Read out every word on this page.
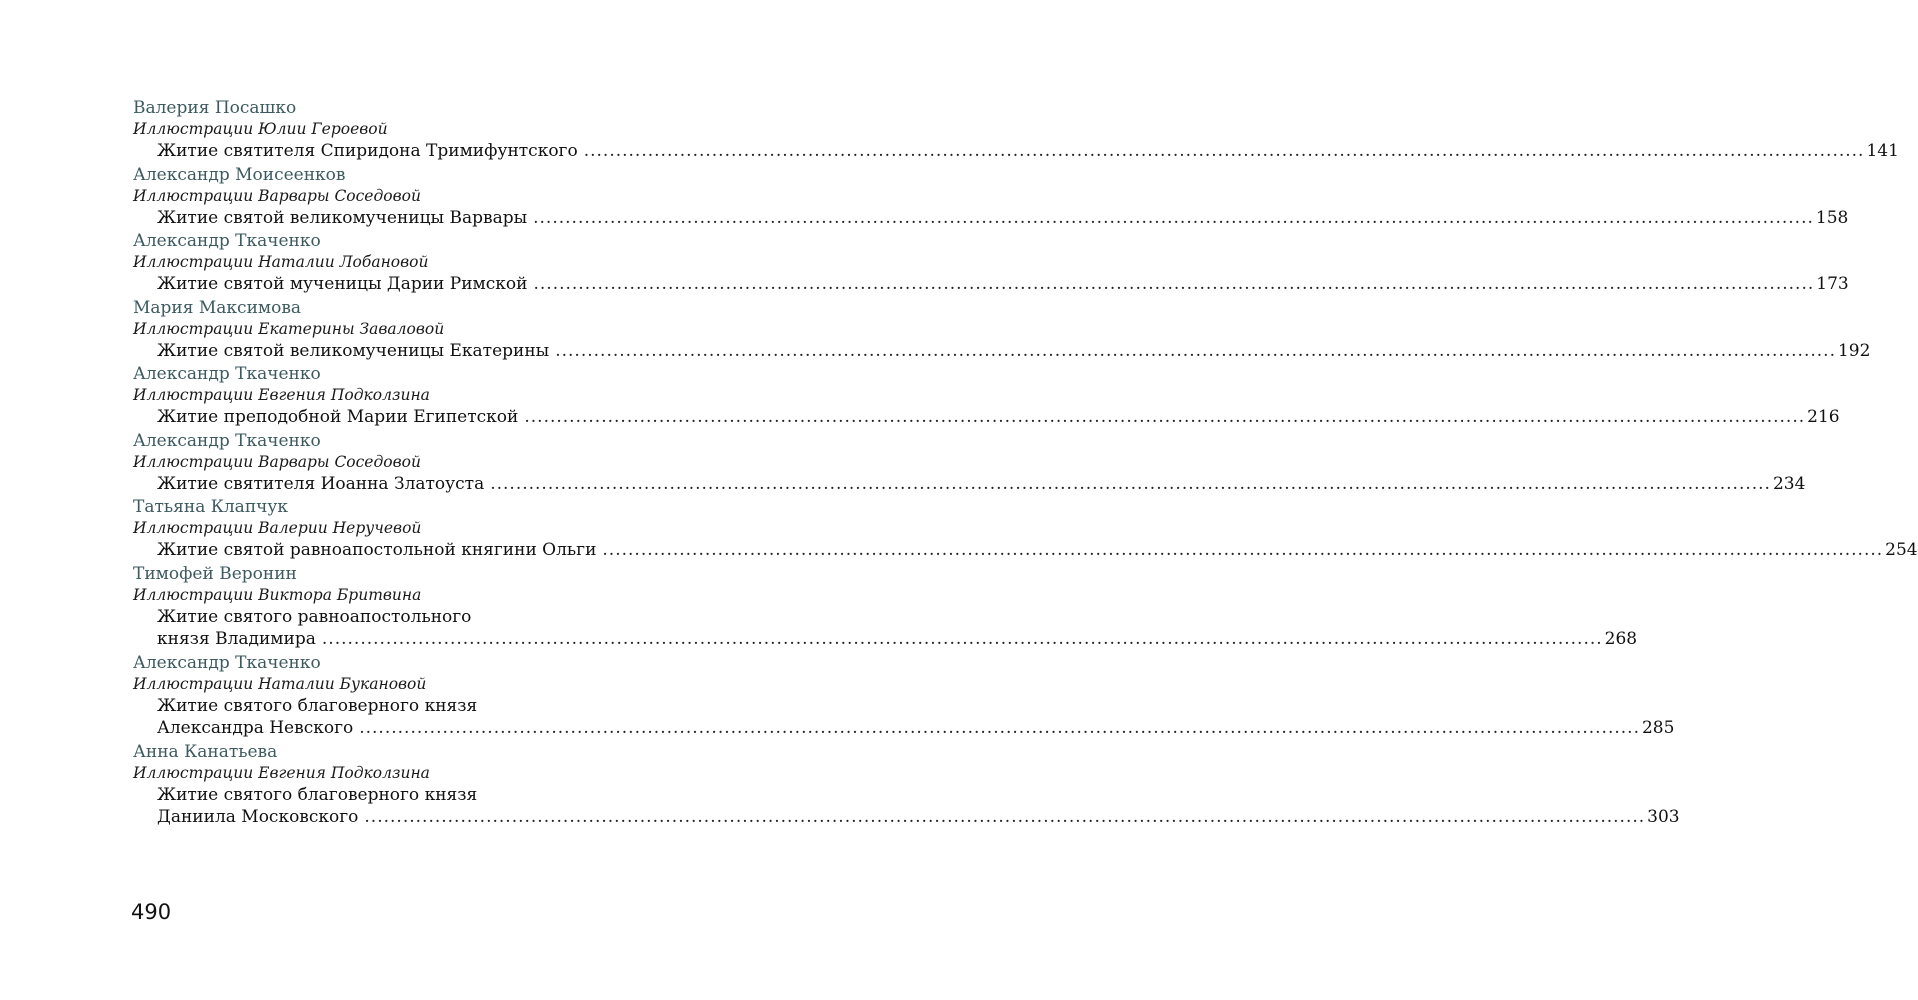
Валерия Посашко
Иллюстрации Юлии Героевой
Житие святителя Спиридона Тримифунтского ........................................................................................................................................................................................................ 141
Александр Моисеенков
Иллюстрации Варвары Соседовой
Житие святой великомученицы Варвары ........................................................................................................................................................................................................ 158
Александр Ткаченко
Иллюстрации Наталии Лобановой
Житие святой мученицы Дарии Римской ........................................................................................................................................................................................................ 173
Мария Максимова
Иллюстрации Екатерины Заваловой
Житие святой великомученицы Екатерины ........................................................................................................................................................................................................ 192
Александр Ткаченко
Иллюстрации Евгения Подколзина
Житие преподобной Марии Египетской ........................................................................................................................................................................................................ 216
Александр Ткаченко
Иллюстрации Варвары Соседовой
Житие святителя Иоанна Златоуста ........................................................................................................................................................................................................ 234
Татьяна Клапчук
Иллюстрации Валерии Неручевой
Житие святой равноапостольной княгини Ольги ........................................................................................................................................................................................................ 254
Тимофей Веронин
Иллюстрации Виктора Бритвина
Житие святого равноапостольного
князя Владимира ........................................................................................................................................................................................................ 268
Александр Ткаченко
Иллюстрации Наталии Букановой
Житие святого благоверного князя
Александра Невского ........................................................................................................................................................................................................ 285
Анна Канатьева
Иллюстрации Евгения Подколзина
Житие святого благоверного князя
Даниила Московского ........................................................................................................................................................................................................ 303
490
